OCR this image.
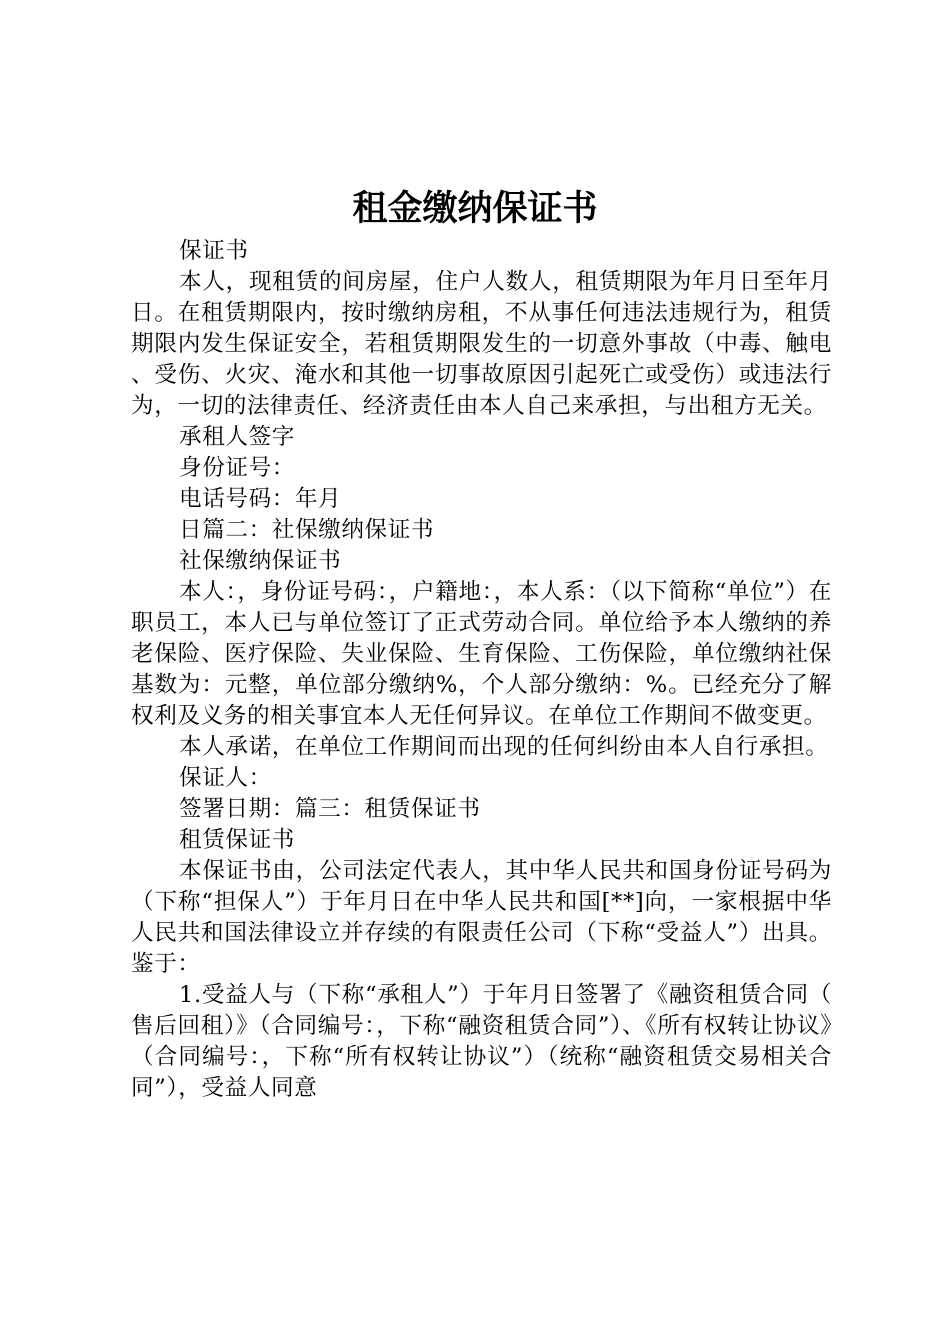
租金缴纳保证书

保证书

本人，现租赁的间房屋，住户人数人，租赁期限为年月日至年月日。在租赁期限内，按时缴纳房租，不从事任何违法违规行为，租赁期限内发生保证安全，若租赁期限发生的一切意外事故（中毒、触电、受伤、火灾、淹水和其他一切事故原因引起死亡或受伤）或违法行为，一切的法律责任、经济责任由本人自己来承担，与出租方无关。

承租人签字

身份证号：

电话号码：年月

日篇二：社保缴纳保证书

社保缴纳保证书

本人：，身份证号码：，户籍地：，本人系：（以下简称“单位”）在职员工，本人已与单位签订了正式劳动合同。单位给予本人缴纳的养老保险、医疗保险、失业保险、生育保险、工伤保险，单位缴纳社保基数为：元整，单位部分缴纳%，个人部分缴纳：%。已经充分了解权利及义务的相关事宜本人无任何异议。在单位工作期间不做变更。

本人承诺，在单位工作期间而出现的任何纠纷由本人自行承担。

保证人：

签署日期：篇三：租赁保证书

租赁保证书

本保证书由，公司法定代表人，其中华人民共和国身份证号码为（下称“担保人”）于年月日在中华人民共和国[**]向，一家根据中华人民共和国法律设立并存续的有限责任公司（下称“受益人”）出具。鉴于：

1.受益人与（下称“承租人”）于年月日签署了《融资租赁合同（售后回租）》（合同编号：，下称“融资租赁合同”）、《所有权转让协议》（合同编号：，下称“所有权转让协议”）（统称“融资租赁交易相关合同”），受益人同意
